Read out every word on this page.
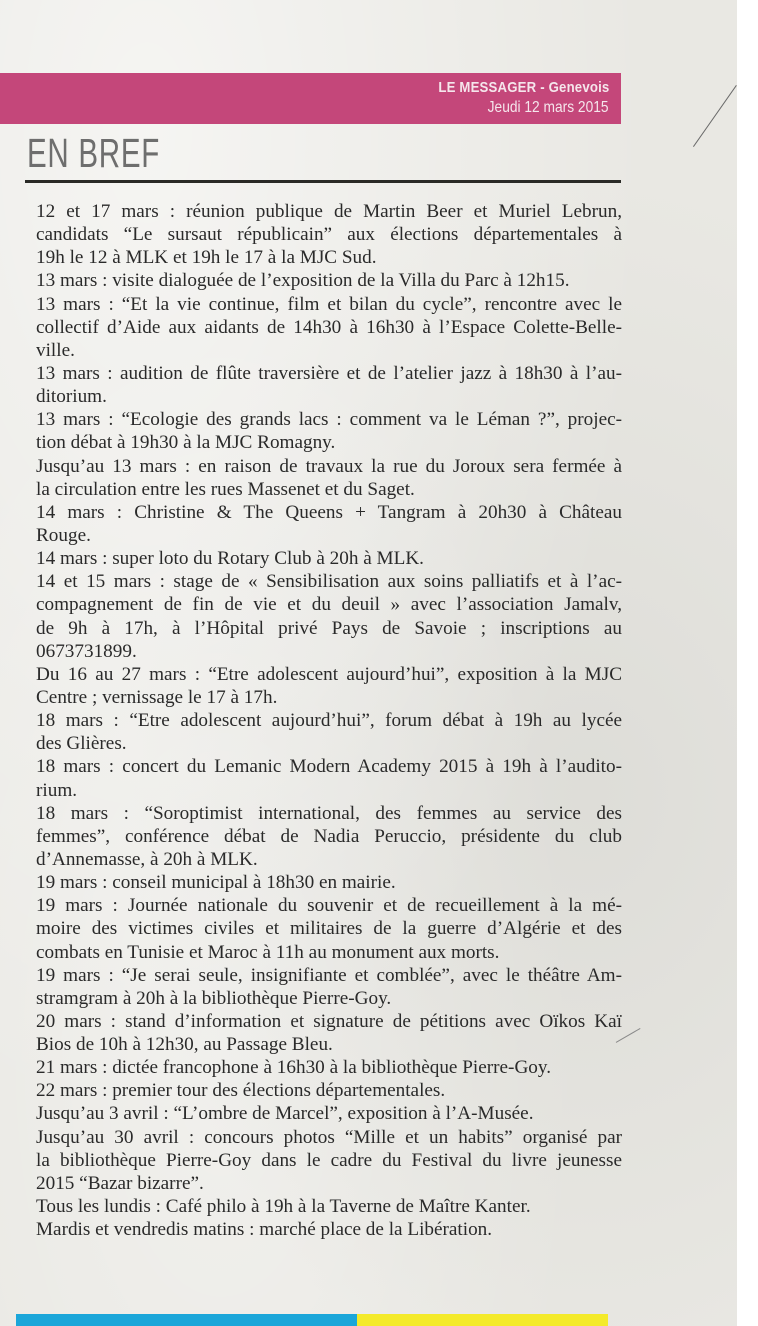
LE MESSAGER - Genevois
Jeudi 12 mars 2015
EN BREF
12 et 17 mars : réunion publique de Martin Beer et Muriel Lebrun,
candidats “Le sursaut républicain” aux élections départementales à
19h le 12 à MLK et 19h le 17 à la MJC Sud.
13 mars : visite dialoguée de l’exposition de la Villa du Parc à 12h15.
13 mars : “Et la vie continue, film et bilan du cycle”, rencontre avec le
collectif d’Aide aux aidants de 14h30 à 16h30 à l’Espace Colette-Belle-
ville.
13 mars : audition de flûte traversière et de l’atelier jazz à 18h30 à l’au-
ditorium.
13 mars : “Ecologie des grands lacs : comment va le Léman ?”, projec-
tion débat à 19h30 à la MJC Romagny.
Jusqu’au 13 mars : en raison de travaux la rue du Joroux sera fermée à
la circulation entre les rues Massenet et du Saget.
14 mars : Christine & The Queens + Tangram à 20h30 à Château
Rouge.
14 mars : super loto du Rotary Club à 20h à MLK.
14 et 15 mars : stage de « Sensibilisation aux soins palliatifs et à l’ac-
compagnement de fin de vie et du deuil » avec l’association Jamalv,
de 9h à 17h, à l’Hôpital privé Pays de Savoie ; inscriptions au
0673731899.
Du 16 au 27 mars : “Etre adolescent aujourd’hui”, exposition à la MJC
Centre ; vernissage le 17 à 17h.
18 mars : “Etre adolescent aujourd’hui”, forum débat à 19h au lycée
des Glières.
18 mars : concert du Lemanic Modern Academy 2015 à 19h à l’audito-
rium.
18 mars : “Soroptimist international, des femmes au service des
femmes”, conférence débat de Nadia Peruccio, présidente du club
d’Annemasse, à 20h à MLK.
19 mars : conseil municipal à 18h30 en mairie.
19 mars : Journée nationale du souvenir et de recueillement à la mé-
moire des victimes civiles et militaires de la guerre d’Algérie et des
combats en Tunisie et Maroc à 11h au monument aux morts.
19 mars : “Je serai seule, insignifiante et comblée”, avec le théâtre Am-
stramgram à 20h à la bibliothèque Pierre-Goy.
20 mars : stand d’information et signature de pétitions avec Oïkos Kaï
Bios de 10h à 12h30, au Passage Bleu.
21 mars : dictée francophone à 16h30 à la bibliothèque Pierre-Goy.
22 mars : premier tour des élections départementales.
Jusqu’au 3 avril : “L’ombre de Marcel”, exposition à l’A-Musée.
Jusqu’au 30 avril : concours photos “Mille et un habits” organisé par
la bibliothèque Pierre-Goy dans le cadre du Festival du livre jeunesse
2015 “Bazar bizarre”.
Tous les lundis : Café philo à 19h à la Taverne de Maître Kanter.
Mardis et vendredis matins : marché place de la Libération.
